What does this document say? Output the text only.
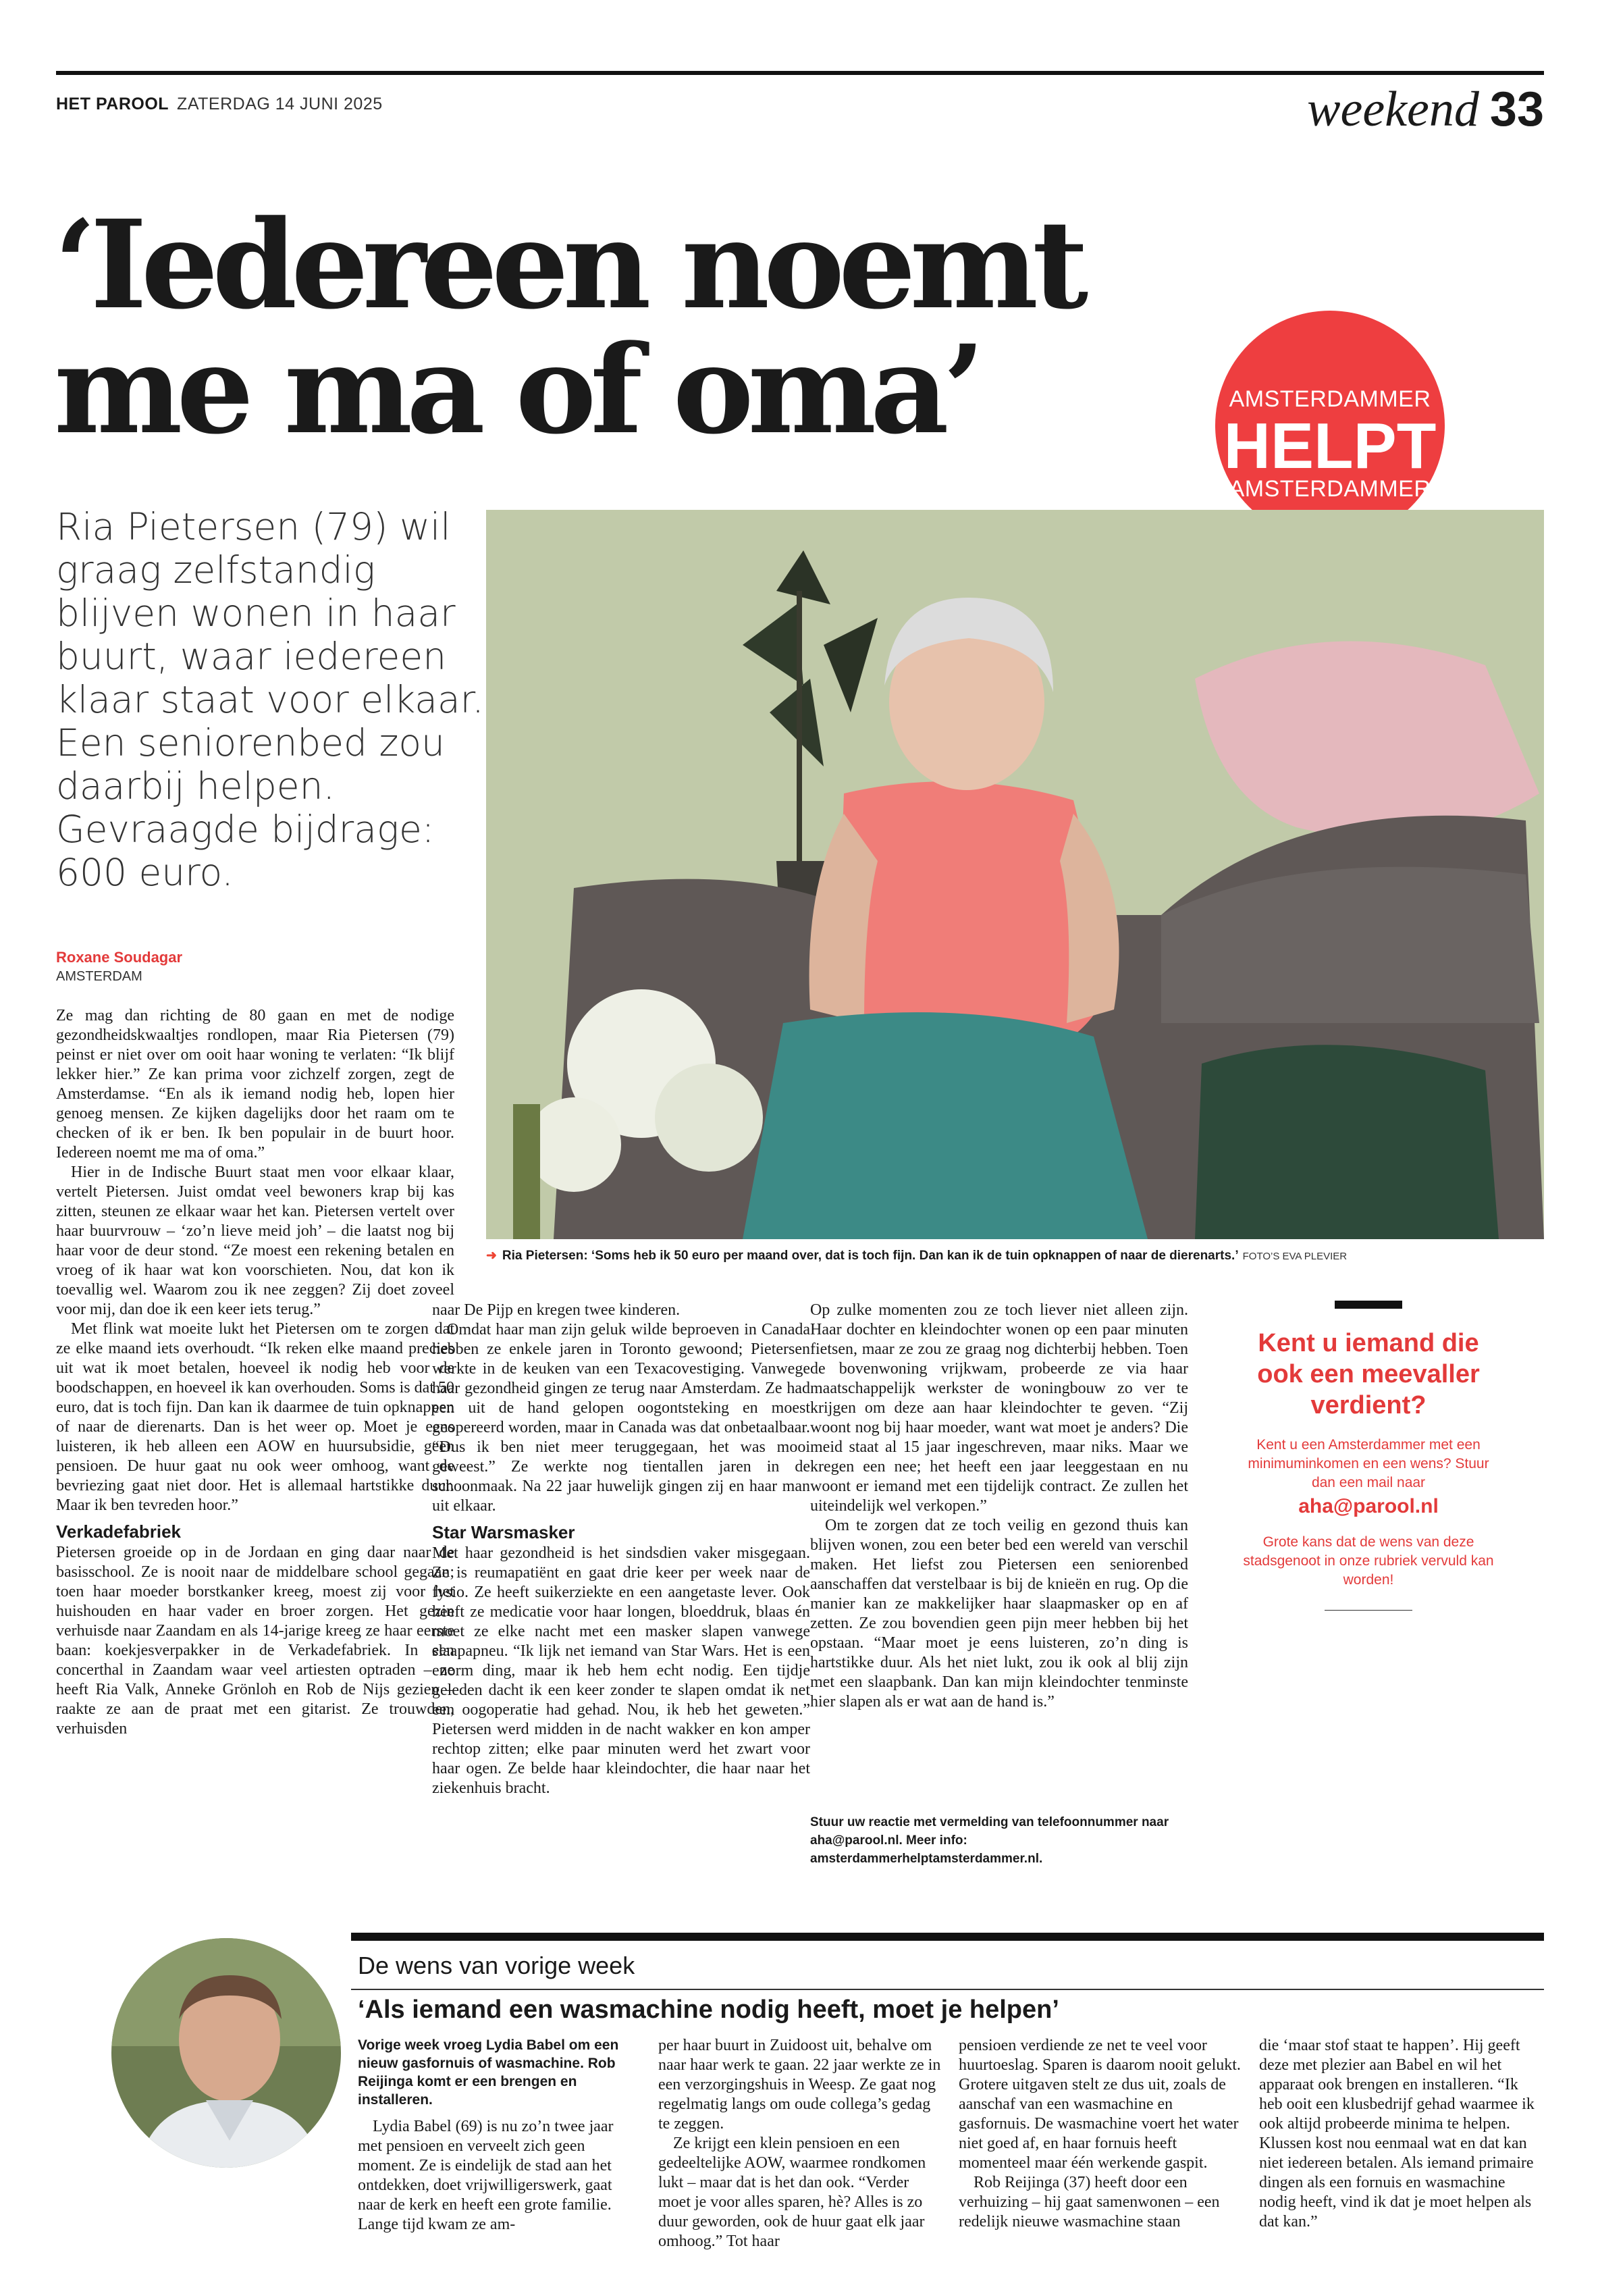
HET PAROOL ZATERDAG 14 JUNI 2025	weekend 33
‘Iedereen noemt me ma of oma’	AMSTERDAMMER
HELPT
AMSTERDAMMER
Ria Pietersen (79) wil graag zelfstandig blijven wonen in haar buurt, waar iedereen klaar staat voor elkaar. Een seniorenbed zou daarbij helpen. Gevraagde bijdrage: 600 euro.
➜ Ria Pietersen: ‘Soms heb ik 50 euro per maand over, dat is toch fijn. Dan kan ik de tuin opknappen of naar de dierenarts.’ FOTO’S EVA PLEVIER
Roxane Soudagar
AMSTERDAM

Ze mag dan richting de 80 gaan en met de nodige gezondheidskwaaltjes rondlopen, maar Ria Pietersen (79) peinst er niet over om ooit haar woning te verlaten: “Ik blijf lekker hier.” Ze kan prima voor zichzelf zorgen, zegt de Amsterdamse. “En als ik iemand nodig heb, lopen hier genoeg mensen. Ze kijken dagelijks door het raam om te checken of ik er ben. Ik ben populair in de buurt hoor. Iedereen noemt me ma of oma.”

Hier in de Indische Buurt staat men voor elkaar klaar, vertelt Pietersen. Juist omdat veel bewoners krap bij kas zitten, steunen ze elkaar waar het kan. Pietersen vertelt over haar buurvrouw – ‘zo’n lieve meid joh’ – die laatst nog bij haar voor de deur stond. “Ze moest een rekening betalen en vroeg of ik haar wat kon voorschieten. Nou, dat kon ik toevallig wel. Waarom zou ik nee zeggen? Zij doet zoveel voor mij, dan doe ik een keer iets terug.”

Met flink wat moeite lukt het Pietersen om te zorgen dat ze elke maand iets overhoudt. “Ik reken elke maand precies uit wat ik moet betalen, hoeveel ik nodig heb voor de boodschappen, en hoeveel ik kan overhouden. Soms is dat 50 euro, dat is toch fijn. Dan kan ik daarmee de tuin opknappen of naar de dierenarts. Dan is het weer op. Moet je eens luisteren, ik heb alleen een AOW en huursubsidie, geen pensioen. De huur gaat nu ook weer omhoog, want de bevriezing gaat niet door. Het is allemaal hartstikke duur. Maar ik ben tevreden hoor.”

Verkadefabriek

Pietersen groeide op in de Jordaan en ging daar naar de basisschool. Ze is nooit naar de middelbare school gegaan; toen haar moeder borstkanker kreeg, moest zij voor het huishouden en haar vader en broer zorgen. Het gezin verhuisde naar Zaandam en als 14-jarige kreeg ze haar eerste baan: koekjesverpakker in de Verkadefabriek. In een concerthal in Zaandam waar veel artiesten optraden – ze heeft Ria Valk, Anneke Grönloh en Rob de Nijs gezien – raakte ze aan de praat met een gitarist. Ze trouwden, verhuisden

naar De Pijp en kregen twee kinderen.

Omdat haar man zijn geluk wilde beproeven in Canada hebben ze enkele jaren in Toronto gewoond; Pietersen werkte in de keuken van een Texacovestiging. Vanwege haar gezondheid gingen ze terug naar Amsterdam. Ze had een uit de hand gelopen oogontsteking en moest geopereerd worden, maar in Canada was dat onbetaalbaar. “Dus ik ben niet meer teruggegaan, het was mooi geweest.” Ze werkte nog tientallen jaren in de schoonmaak. Na 22 jaar huwelijk gingen zij en haar man uit elkaar.

Star Warsmasker

Met haar gezondheid is het sindsdien vaker misgegaan. Ze is reumapatiënt en gaat drie keer per week naar de fysio. Ze heeft suikerziekte en een aangetaste lever. Ook heeft ze medicatie voor haar longen, bloeddruk, blaas én moet ze elke nacht met een masker slapen vanwege slaapapneu. “Ik lijk net iemand van Star Wars. Het is een enorm ding, maar ik heb hem echt nodig. Een tijdje geleden dacht ik een keer zonder te slapen omdat ik net een oogoperatie had gehad. Nou, ik heb het geweten.” Pietersen werd midden in de nacht wakker en kon amper rechtop zitten; elke paar minuten werd het zwart voor haar ogen. Ze belde haar kleindochter, die haar naar het ziekenhuis bracht.

Op zulke momenten zou ze toch liever niet alleen zijn. Haar dochter en kleindochter wonen op een paar minuten fietsen, maar ze zou ze graag nog dichterbij hebben. Toen de bovenwoning vrijkwam, probeerde ze via haar maatschappelijk werkster de woningbouw zo ver te krijgen om deze aan haar kleindochter te geven. “Zij woont nog bij haar moeder, want wat moet je anders? Die meid staat al 15 jaar ingeschreven, maar niks. Maar we kregen een nee; het heeft een jaar leeggestaan en nu woont er iemand met een tijdelijk contract. Ze zullen het uiteindelijk wel verkopen.”

Om te zorgen dat ze toch veilig en gezond thuis kan blijven wonen, zou een beter bed een wereld van verschil maken. Het liefst zou Pietersen een seniorenbed aanschaffen dat verstelbaar is bij de knieën en rug. Op die manier kan ze makkelijker haar slaapmasker op en af zetten. Ze zou bovendien geen pijn meer hebben bij het opstaan. “Maar moet je eens luisteren, zo’n ding is hartstikke duur. Als het niet lukt, zou ik ook al blij zijn met een slaapbank. Dan kan mijn kleindochter tenminste hier slapen als er wat aan de hand is.”

Stuur uw reactie met vermelding van telefoonnummer naar aha@parool.nl. Meer info: amsterdammerhelptamsterdammer.nl.
Kent u iemand die ook een meevaller verdient?
Kent u een Amsterdammer met een minimuminkomen en een wens? Stuur dan een mail naar
aha@parool.nl
Grote kans dat de wens van deze stadsgenoot in onze rubriek vervuld kan worden!
De wens van vorige week
‘Als iemand een wasmachine nodig heeft, moet je helpen’

Vorige week vroeg Lydia Babel om een nieuw gasfornuis of wasmachine. Rob Reijinga komt er een brengen en installeren.

Lydia Babel (69) is nu zo’n twee jaar met pensioen en verveelt zich geen moment. Ze is eindelijk de stad aan het ontdekken, doet vrijwilligerswerk, gaat naar de kerk en heeft een grote familie. Lange tijd kwam ze am-

per haar buurt in Zuidoost uit, behalve om naar haar werk te gaan. 22 jaar werkte ze in een verzorgingshuis in Weesp. Ze gaat nog regelmatig langs om oude collega’s gedag te zeggen.

Ze krijgt een klein pensioen en een gedeeltelijke AOW, waarmee rondkomen lukt – maar dat is het dan ook. “Verder moet je voor alles sparen, hè? Alles is zo duur geworden, ook de huur gaat elk jaar omhoog.” Tot haar

pensioen verdiende ze net te veel voor huurtoeslag. Sparen is daarom nooit gelukt. Grotere uitgaven stelt ze dus uit, zoals de aanschaf van een wasmachine en gasfornuis. De wasmachine voert het water niet goed af, en haar fornuis heeft momenteel maar één werkende gaspit.

Rob Reijinga (37) heeft door een verhuizing – hij gaat samenwonen – een redelijk nieuwe wasmachine staan

die ‘maar stof staat te happen’. Hij geeft deze met plezier aan Babel en wil het apparaat ook brengen en installeren. “Ik heb ooit een klusbedrijf gehad waarmee ik ook altijd probeerde minima te helpen. Klussen kost nou eenmaal wat en dat kan niet iedereen betalen. Als iemand primaire dingen als een fornuis en wasmachine nodig heeft, vind ik dat je moet helpen als dat kan.”
